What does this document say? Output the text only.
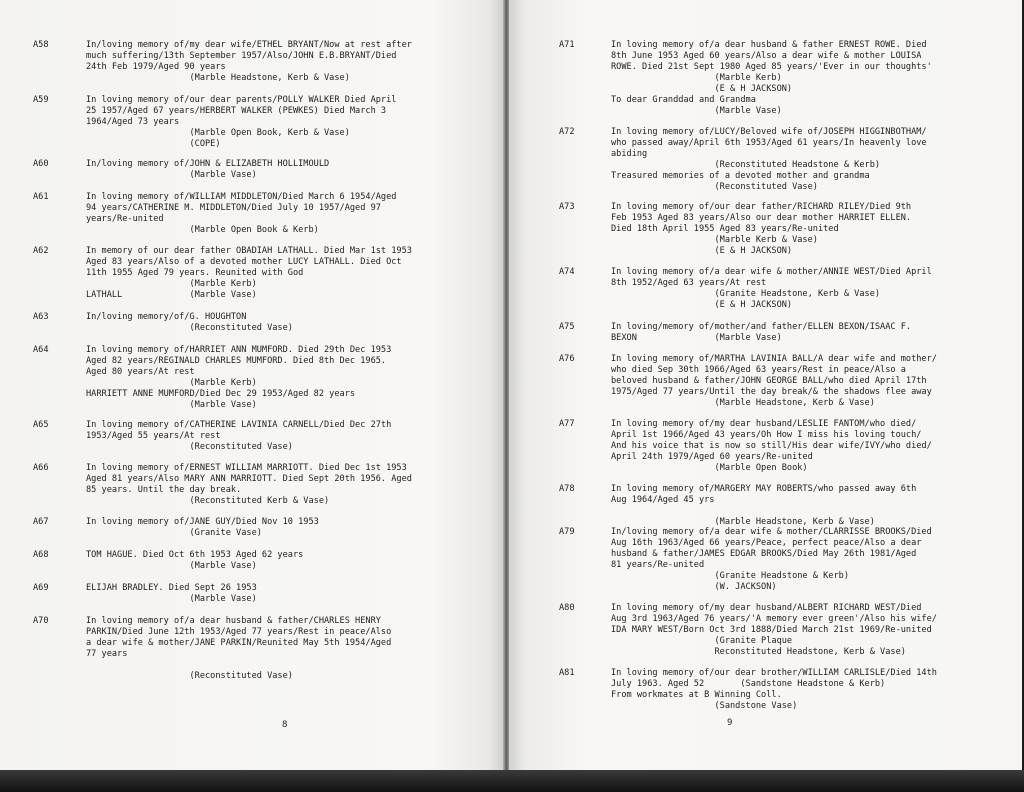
8
A58	In/loving memory of/my dear wife/ETHEL BRYANT/Now at rest after
much suffering/13th September 1957/Also/JOHN E.B.BRYANT/Died
24th Feb 1979/Aged 90 years
(Marble Headstone, Kerb & Vase)
A59	In loving memory of/our dear parents/POLLY WALKER Died April
25 1957/Aged 67 years/HERBERT WALKER (PEWKES) Died March 3
1964/Aged 73 years
(Marble Open Book, Kerb & Vase)
(COPE)
A60	In/loving memory of/JOHN & ELIZABETH HOLLIMOULD
(Marble Vase)
A61	In loving memory of/WILLIAM MIDDLETON/Died March 6 1954/Aged
94 years/CATHERINE M. MIDDLETON/Died July 10 1957/Aged 97
years/Re-united
(Marble Open Book & Kerb)
A62	In memory of our dear father OBADIAH LATHALL. Died Mar 1st 1953
Aged 83 years/Also of a devoted mother LUCY LATHALL. Died Oct
11th 1955 Aged 79 years. Reunited with God
(Marble Kerb)
LATHALL             (Marble Vase)
A63	In/loving memory/of/G. HOUGHTON
(Reconstituted Vase)
A64	In loving memory of/HARRIET ANN MUMFORD. Died 29th Dec 1953
Aged 82 years/REGINALD CHARLES MUMFORD. Died 8th Dec 1965.
Aged 80 years/At rest
(Marble Kerb)
HARRIETT ANNE MUMFORD/Died Dec 29 1953/Aged 82 years
(Marble Vase)
A65	In loving memory of/CATHERINE LAVINIA CARNELL/Died Dec 27th
1953/Aged 55 years/At rest
(Reconstituted Vase)
A66	In loving memory of/ERNEST WILLIAM MARRIOTT. Died Dec 1st 1953
Aged 81 years/Also MARY ANN MARRIOTT. Died Sept 20th 1956. Aged
85 years. Until the day break.
(Reconstituted Kerb & Vase)
A67	In loving memory of/JANE GUY/Died Nov 10 1953
(Granite Vase)
A68	TOM HAGUE. Died Oct 6th 1953 Aged 62 years
(Marble Vase)
A69	ELIJAH BRADLEY. Died Sept 26 1953
(Marble Vase)
A70	In loving memory of/a dear husband & father/CHARLES HENRY
PARKIN/Died June 12th 1953/Aged 77 years/Rest in peace/Also
a dear wife & mother/JANE PARKIN/Reunited May 5th 1954/Aged
77 years
(Reconstituted Vase)
9
A71	In loving memory of/a dear husband & father ERNEST ROWE. Died
8th June 1953 Aged 60 years/Also a dear wife & mother LOUISA
ROWE. Died 21st Sept 1980 Aged 85 years/'Ever in our thoughts'
(Marble Kerb)
(E & H JACKSON)
To dear Granddad and Grandma
(Marble Vase)
A72	In loving memory of/LUCY/Beloved wife of/JOSEPH HIGGINBOTHAM/
who passed away/April 6th 1953/Aged 61 years/In heavenly love
abiding
(Reconstituted Headstone & Kerb)
Treasured memories of a devoted mother and grandma
(Reconstituted Vase)
A73	In loving memory of/our dear father/RICHARD RILEY/Died 9th
Feb 1953 Aged 83 years/Also our dear mother HARRIET ELLEN.
Died 18th April 1955 Aged 83 years/Re-united
(Marble Kerb & Vase)
(E & H JACKSON)
A74	In loving memory of/a dear wife & mother/ANNIE WEST/Died April
8th 1952/Aged 63 years/At rest
(Granite Headstone, Kerb & Vase)
(E & H JACKSON)
A75	In loving/memory of/mother/and father/ELLEN BEXON/ISAAC F.
BEXON               (Marble Vase)
A76	In loving memory of/MARTHA LAVINIA BALL/A dear wife and mother/
who died Sep 30th 1966/Aged 63 years/Rest in peace/Also a
beloved husband & father/JOHN GEORGE BALL/who died April 17th
1975/Aged 77 years/Until the day break/& the shadows flee away
(Marble Headstone, Kerb & Vase)
A77	In loving memory of/my dear husband/LESLIE FANTOM/who died/
April 1st 1966/Aged 43 years/Oh How I miss his loving touch/
And his voice that is now so still/His dear wife/IVY/who died/
April 24th 1979/Aged 60 years/Re-united
(Marble Open Book)
A78	In loving memory of/MARGERY MAY ROBERTS/who passed away 6th
Aug 1964/Aged 45 yrs
(Marble Headstone, Kerb & Vase)
A79	In/loving memory of/a dear wife & mother/CLARRISSE BROOKS/Died
Aug 16th 1963/Aged 66 years/Peace, perfect peace/Also a dear
husband & father/JAMES EDGAR BROOKS/Died May 26th 1981/Aged
81 years/Re-united
(Granite Headstone & Kerb)
(W. JACKSON)
A80	In loving memory of/my dear husband/ALBERT RICHARD WEST/Died
Aug 3rd 1963/Aged 76 years/'A memory ever green'/Also his wife/
IDA MARY WEST/Born Oct 3rd 1888/Died March 21st 1969/Re-united
(Granite Plaque
Reconstituted Headstone, Kerb & Vase)
A81	In loving memory of/our dear brother/WILLIAM CARLISLE/Died 14th
July 1963. Aged 52       (Sandstone Headstone & Kerb)
From workmates at B Winning Coll.
(Sandstone Vase)
